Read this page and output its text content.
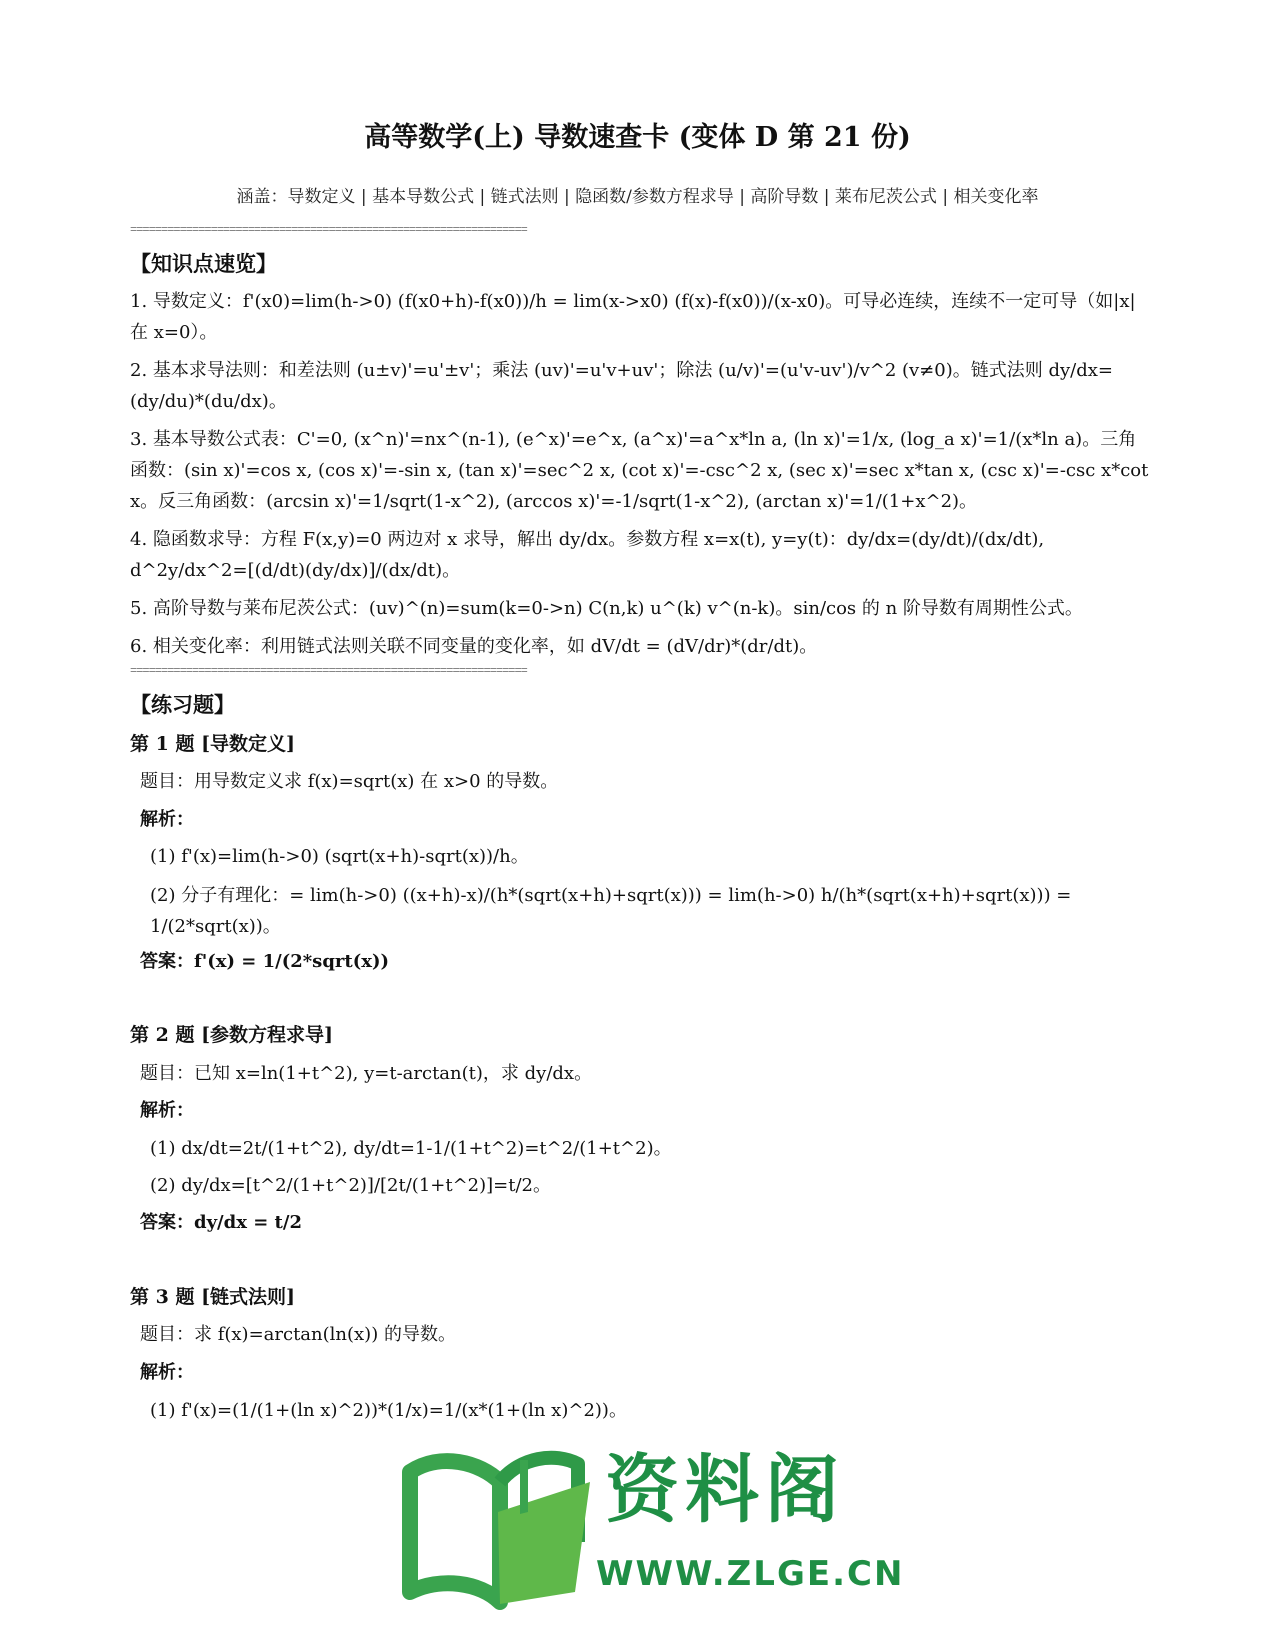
高等数学(上) 导数速查卡 (变体 D 第 21 份)
涵盖：导数定义 | 基本导数公式 | 链式法则 | 隐函数/参数方程求导 | 高阶导数 | 莱布尼茨公式 | 相关变化率
================================================================
【知识点速览】

1. 导数定义：f'(x0)=lim(h->0) (f(x0+h)-f(x0))/h = lim(x->x0) (f(x)-f(x0))/(x-x0)。可导必连续，连续不一定可导（如|x|在 x=0）。

2. 基本求导法则：和差法则 (u±v)'=u'±v'；乘法 (uv)'=u'v+uv'；除法 (u/v)'=(u'v-uv')/v^2 (v≠0)。链式法则 dy/dx=(dy/du)*(du/dx)。

3. 基本导数公式表：C'=0, (x^n)'=nx^(n-1), (e^x)'=e^x, (a^x)'=a^x*ln a, (ln x)'=1/x, (log_a x)'=1/(x*ln a)。三角函数：(sin x)'=cos x, (cos x)'=-sin x, (tan x)'=sec^2 x, (cot x)'=-csc^2 x, (sec x)'=sec x*tan x, (csc x)'=-csc x*cot x。反三角函数：(arcsin x)'=1/sqrt(1-x^2), (arccos x)'=-1/sqrt(1-x^2), (arctan x)'=1/(1+x^2)。

4. 隐函数求导：方程 F(x,y)=0 两边对 x 求导，解出 dy/dx。参数方程 x=x(t), y=y(t)：dy/dx=(dy/dt)/(dx/dt), d^2y/dx^2=[(d/dt)(dy/dx)]/(dx/dt)。

5. 高阶导数与莱布尼茨公式：(uv)^(n)=sum(k=0->n) C(n,k) u^(k) v^(n-k)。sin/cos 的 n 阶导数有周期性公式。

6. 相关变化率：利用链式法则关联不同变量的变化率，如 dV/dt = (dV/dr)*(dr/dt)。

================================================================
【练习题】
第 1 题 [导数定义]
题目：用导数定义求 f(x)=sqrt(x) 在 x>0 的导数。
解析：
(1) f'(x)=lim(h->0) (sqrt(x+h)-sqrt(x))/h。
(2) 分子有理化：= lim(h->0) ((x+h)-x)/(h*(sqrt(x+h)+sqrt(x))) = lim(h->0) h/(h*(sqrt(x+h)+sqrt(x))) = 1/(2*sqrt(x))。
答案：f'(x) = 1/(2*sqrt(x))
第 2 题 [参数方程求导]
题目：已知 x=ln(1+t^2), y=t-arctan(t)，求 dy/dx。
解析：
(1) dx/dt=2t/(1+t^2), dy/dt=1-1/(1+t^2)=t^2/(1+t^2)。
(2) dy/dx=[t^2/(1+t^2)]/[2t/(1+t^2)]=t/2。
答案：dy/dx = t/2
第 3 题 [链式法则]
题目：求 f(x)=arctan(ln(x)) 的导数。
解析：
(1) f'(x)=(1/(1+(ln x)^2))*(1/x)=1/(x*(1+(ln x)^2))。
资料阁
WWW.ZLGE.CN
